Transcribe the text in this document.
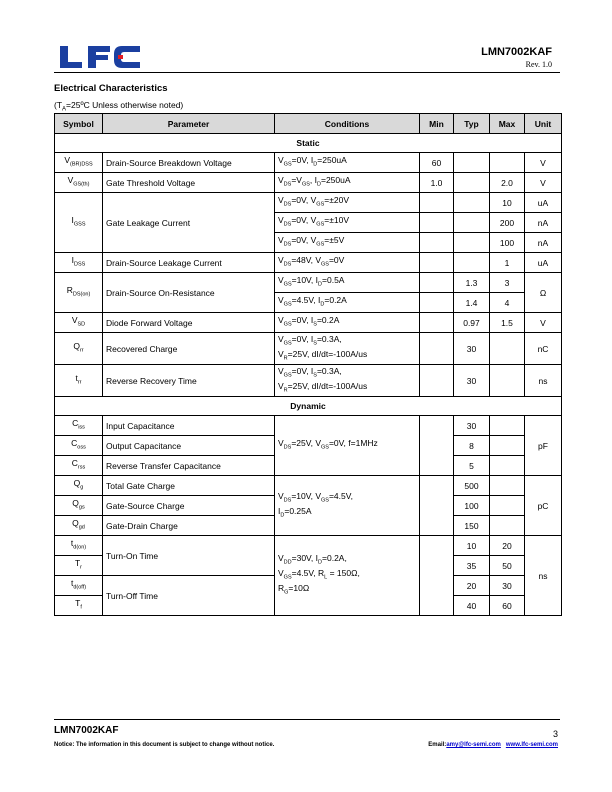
LMN7002KAF
Rev. 1.0
Electrical Characteristics
($T_A=25ºC$ Unless otherwise noted)
Symbol	Parameter	Conditions	Min	Typ	Max	Unit
Static						
$V_{(BR)DSS}$	Drain-Source Breakdown Voltage	$V_{GS}=0V$, $I_D=250uA$	60			V
$V_{GS(th)}$	Gate Threshold Voltage	$V_{DS}=V_{GS}$, $I_D=250uA$	1.0		2.0	V
$I_{GSS}$	Gate Leakage Current	$V_{DS}=0V$, $V_{GS}=\pm 20V$			10	uA
		$V_{DS}=0V$, $V_{GS}=\pm 10V$			200	nA
		$V_{DS}=0V$, $V_{GS}=\pm 5V$			100	nA
$I_{DSS}$	Drain-Source Leakage Current	$V_{DS}=48V$, $V_{GS}=0V$			1	uA
$R_{DS(on)}$	Drain-Source On-Resistance	$V_{GS}=10V$, $I_D=0.5A$		1.3	3	Ω
		$V_{GS}=4.5V$, $I_D=0.2A$		1.4	4	
$V_{SD}$	Diode Forward Voltage	$V_{GS}=0V$, $I_S=0.2A$		0.97	1.5	V
$Q_{rr}$	Recovered Charge	$V_{GS}=0V$, $I_S=0.3A$,
$V_R=25V$, dI/dt=-100A/us		30		nC
$t_{rr}$	Reverse Recovery Time	$V_{GS}=0V$, $I_S=0.3A$,
$V_R=25V$, dI/dt=-100A/us		30		ns
Dynamic						
$C_{iss}$	Input Capacitance	$V_{DS}=25V$, $V_{GS}=0V$, f=1MHz		30		pF
$C_{oss}$	Output Capacitance			8		
$C_{rss}$	Reverse Transfer Capacitance			5		
$Q_g$	Total Gate Charge	$V_{DS}=10V$, $V_{GS}=4.5V$,
$I_D=0.25A$		500		pC
$Q_{gs}$	Gate-Source Charge			100		
$Q_{gd}$	Gate-Drain Charge			150		
$t_{d(on)}$	Turn-On Time	$V_{DD}=30V$, $I_D=0.2A$,
$V_{GS}=4.5V$, $R_L = 150\Omega$,
$R_G=10\Omega$		10	20	ns
$T_r$				35	50	
$t_{d(off)}$	Turn-Off Time			20	30	
$T_f$				40	60	
LMN7002KAF	3
Notice: The information in this document is subject to change without notice.	Email:amy@lfc-semi.com www.lfc-semi.com
